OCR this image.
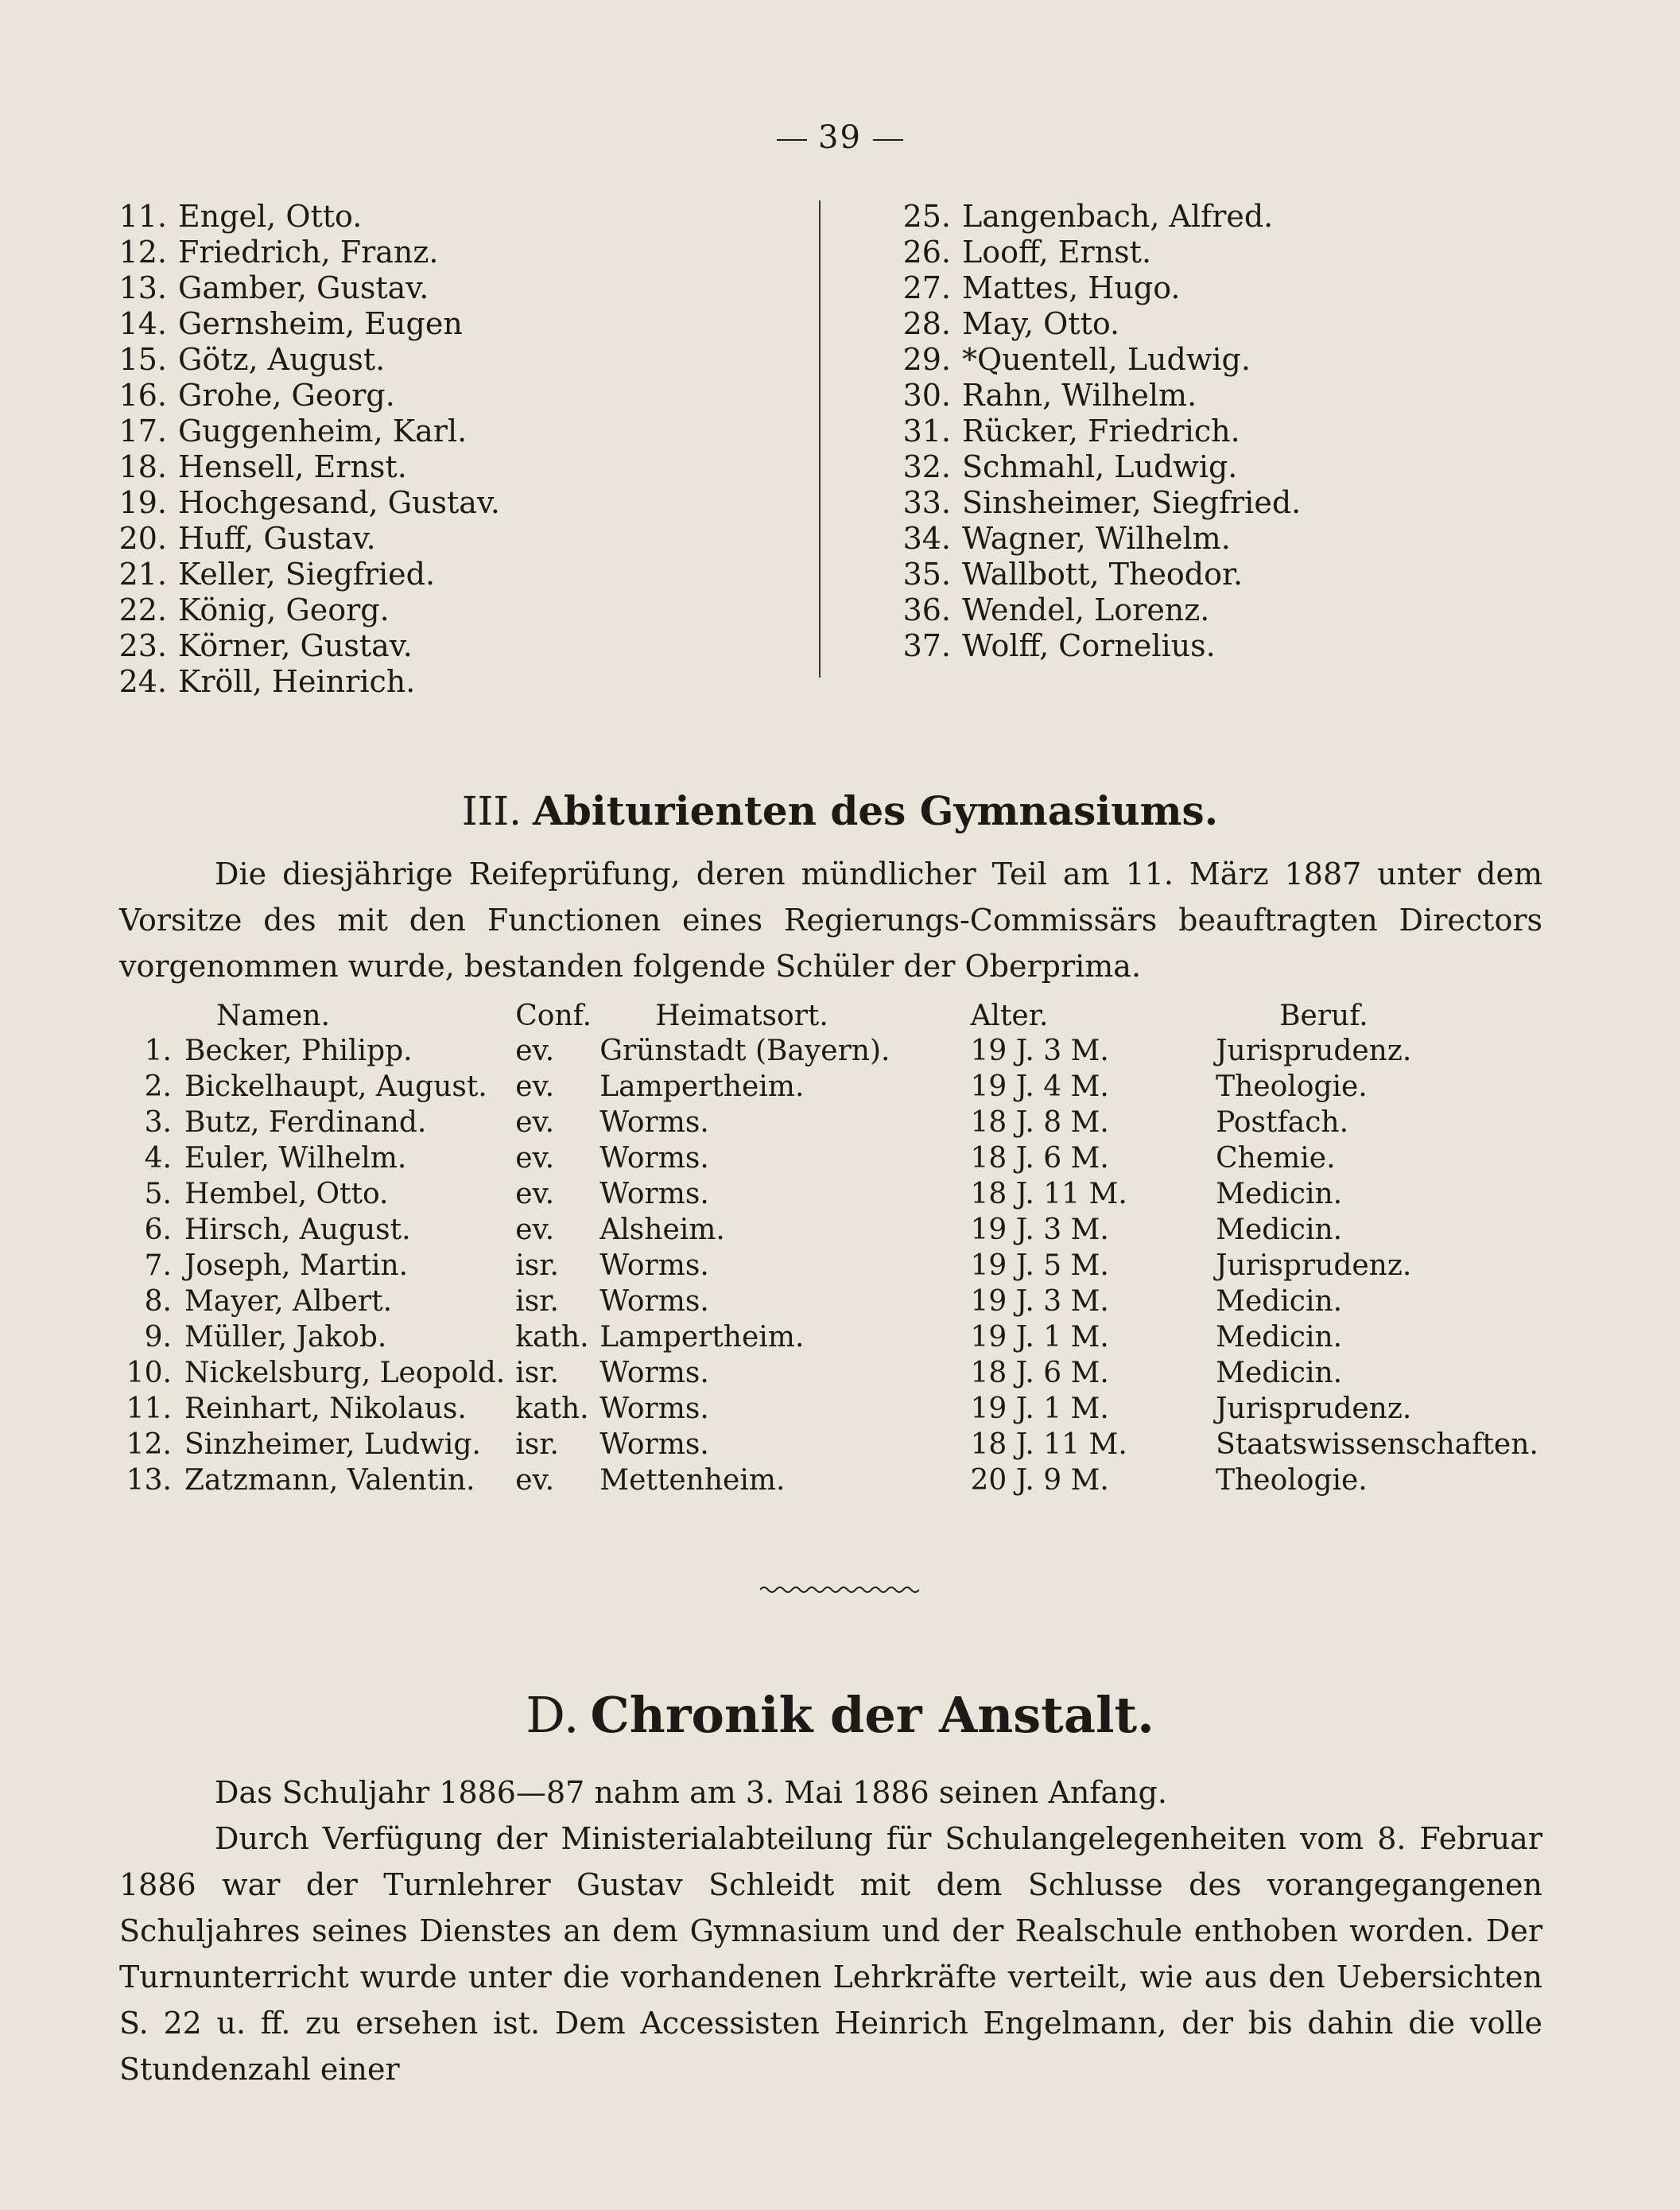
39
11. Engel, Otto.
12. Friedrich, Franz.
13. Gamber, Gustav.
14. Gernsheim, Eugen
15. Götz, August.
16. Grohe, Georg.
17. Guggenheim, Karl.
18. Hensell, Ernst.
19. Hochgesand, Gustav.
20. Huff, Gustav.
21. Keller, Siegfried.
22. König, Georg.
23. Körner, Gustav.
24. Kröll, Heinrich.
25. Langenbach, Alfred.
26. Looff, Ernst.
27. Mattes, Hugo.
28. May, Otto.
29. *Quentell, Ludwig.
30. Rahn, Wilhelm.
31. Rücker, Friedrich.
32. Schmahl, Ludwig.
33. Sinsheimer, Siegfried.
34. Wagner, Wilhelm.
35. Wallbott, Theodor.
36. Wendel, Lorenz.
37. Wolff, Cornelius.
III. Abiturienten des Gymnasiums.

Die diesjährige Reifeprüfung, deren mündlicher Teil am 11. März 1887 unter dem Vorsitze des mit den Functionen eines Regierungs-Commissärs beauftragten Directors vorgenommen wurde, bestanden folgende Schüler der Oberprima.

	Namen.	Conf.	Heimatsort.	Alter.	Beruf.
1.	Becker, Philipp.	ev.	Grünstadt (Bayern).	19 J. 3 M.	Jurisprudenz.
2.	Bickelhaupt, August.	ev.	Lampertheim.	19 J. 4 M.	Theologie.
3.	Butz, Ferdinand.	ev.	Worms.	18 J. 8 M.	Postfach.
4.	Euler, Wilhelm.	ev.	Worms.	18 J. 6 M.	Chemie.
5.	Hembel, Otto.	ev.	Worms.	18 J. 11 M.	Medicin.
6.	Hirsch, August.	ev.	Alsheim.	19 J. 3 M.	Medicin.
7.	Joseph, Martin.	isr.	Worms.	19 J. 5 M.	Jurisprudenz.
8.	Mayer, Albert.	isr.	Worms.	19 J. 3 M.	Medicin.
9.	Müller, Jakob.	kath.	Lampertheim.	19 J. 1 M.	Medicin.
10.	Nickelsburg, Leopold.	isr.	Worms.	18 J. 6 M.	Medicin.
11.	Reinhart, Nikolaus.	kath.	Worms.	19 J. 1 M.	Jurisprudenz.
12.	Sinzheimer, Ludwig.	isr.	Worms.	18 J. 11 M.	Staatswissenschaften.
13.	Zatzmann, Valentin.	ev.	Mettenheim.	20 J. 9 M.	Theologie.
D. Chronik der Anstalt.

Das Schuljahr 1886—87 nahm am 3. Mai 1886 seinen Anfang.

Durch Verfügung der Ministerialabteilung für Schulangelegenheiten vom 8. Februar 1886 war der Turnlehrer Gustav Schleidt mit dem Schlusse des vorangegangenen Schuljahres seines Dienstes an dem Gymnasium und der Realschule enthoben worden. Der Turnunterricht wurde unter die vorhandenen Lehrkräfte verteilt, wie aus den Uebersichten S. 22 u. ff. zu ersehen ist. Dem Accessisten Heinrich Engelmann, der bis dahin die volle Stundenzahl einer
